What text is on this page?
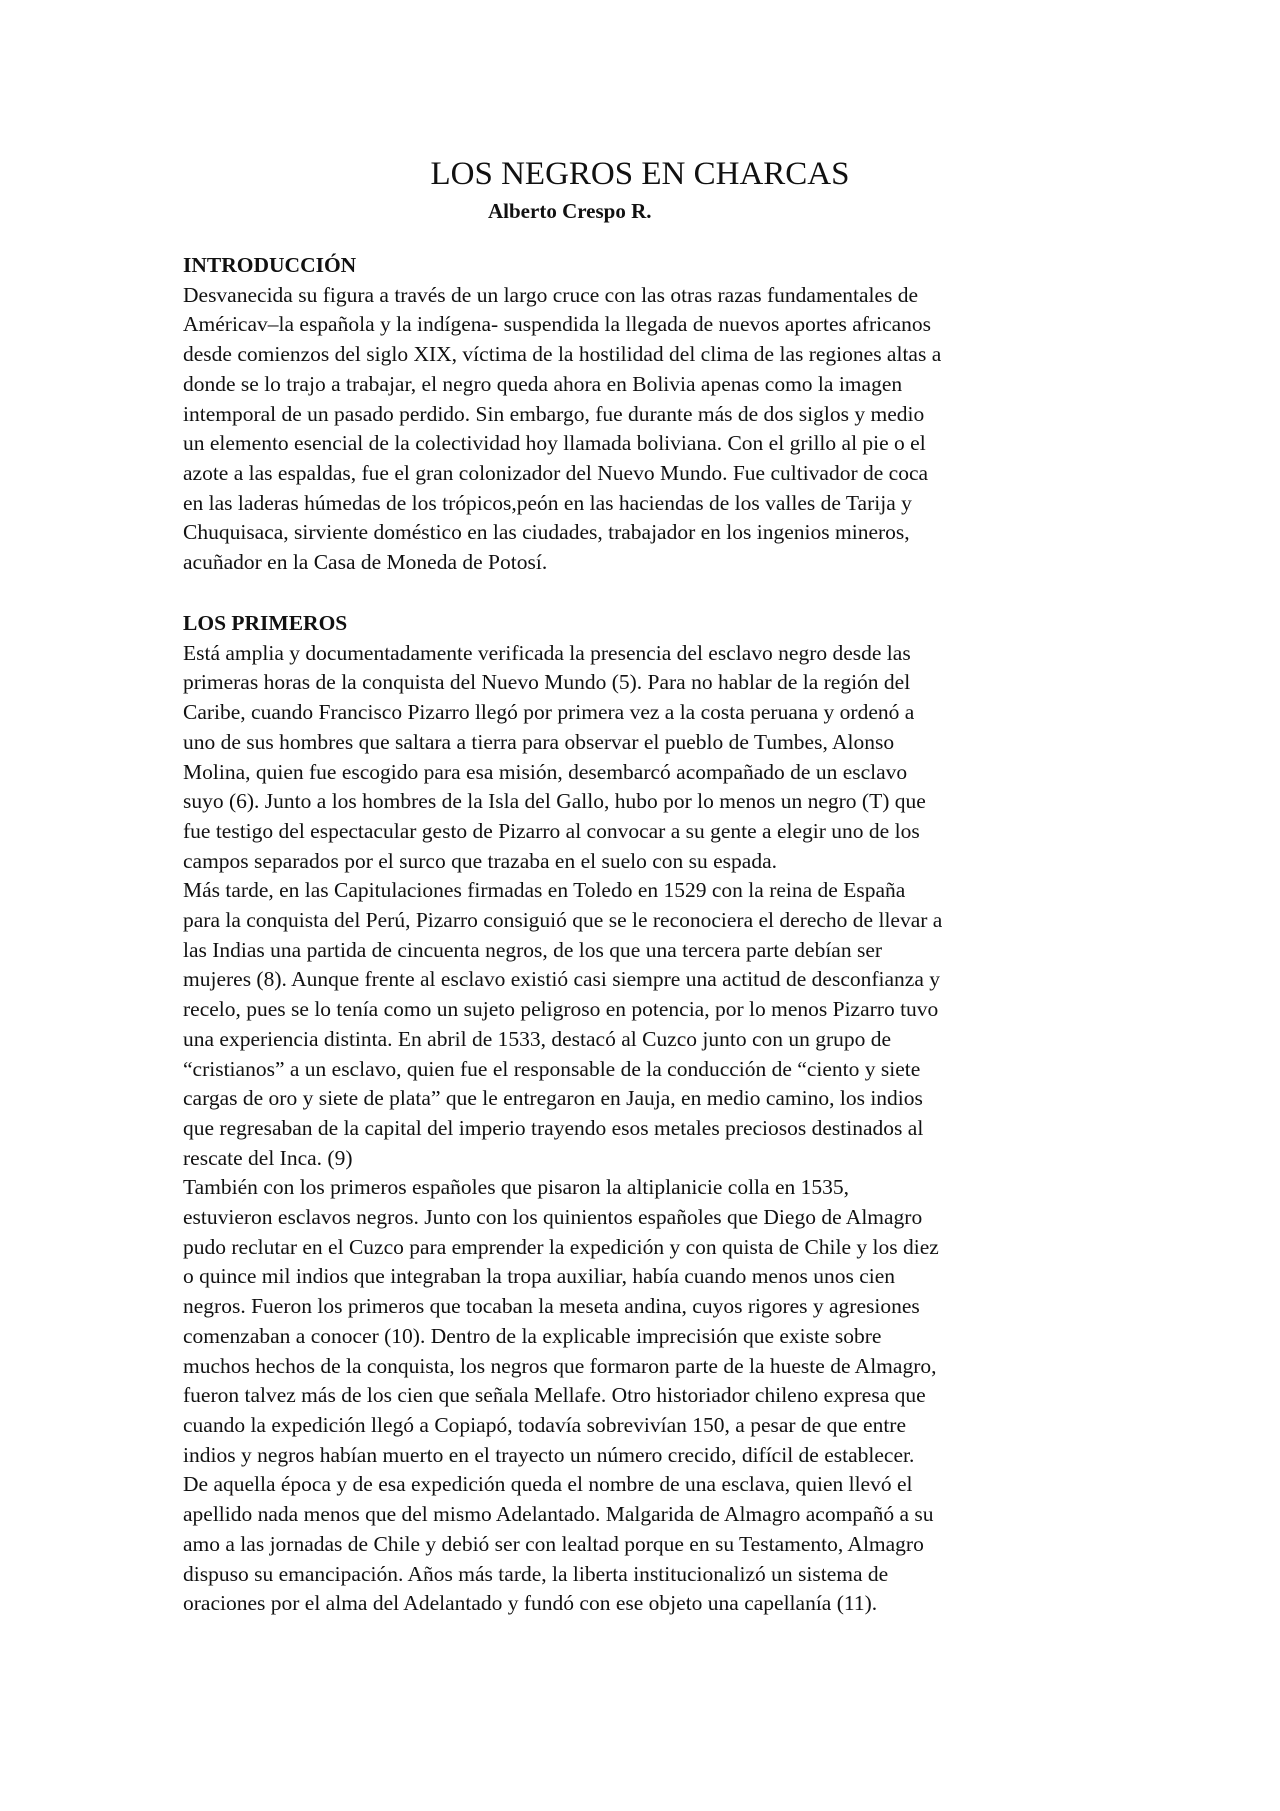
LOS NEGROS EN CHARCAS
Alberto Crespo R.
INTRODUCCIÓN
Desvanecida su figura a través de un largo cruce con las otras razas fundamentales de
Américav–la española y la indígena- suspendida la llegada de nuevos aportes africanos
desde comienzos del siglo XIX, víctima de la hostilidad del clima de las regiones altas a
donde se lo trajo a trabajar, el negro queda ahora en Bolivia apenas como la imagen
intemporal de un pasado perdido. Sin embargo, fue durante más de dos siglos y medio
un elemento esencial de la colectividad hoy llamada boliviana. Con el grillo al pie o el
azote a las espaldas, fue el gran colonizador del Nuevo Mundo. Fue cultivador de coca
en las laderas húmedas de los trópicos,peón en las haciendas de los valles de Tarija y
Chuquisaca, sirviente doméstico en las ciudades, trabajador en los ingenios mineros,
acuñador en la Casa de Moneda de Potosí.
LOS PRIMEROS
Está amplia y documentadamente verificada la presencia del esclavo negro desde las
primeras horas de la conquista del Nuevo Mundo (5). Para no hablar de la región del
Caribe, cuando Francisco Pizarro llegó por primera vez a la costa peruana y ordenó a
uno de sus hombres que saltara a tierra para observar el pueblo de Tumbes, Alonso
Molina, quien fue escogido para esa misión, desembarcó acompañado de un esclavo
suyo (6). Junto a los hombres de la Isla del Gallo, hubo por lo menos un negro (T) que
fue testigo del espectacular gesto de Pizarro al convocar a su gente a elegir uno de los
campos separados por el surco que trazaba en el suelo con su espada.
Más tarde, en las Capitulaciones firmadas en Toledo en 1529 con la reina de España
para la conquista del Perú, Pizarro consiguió que se le reconociera el derecho de llevar a
las Indias una partida de cincuenta negros, de los que una tercera parte debían ser
mujeres (8). Aunque frente al esclavo existió casi siempre una actitud de desconfianza y
recelo, pues se lo tenía como un sujeto peligroso en potencia, por lo menos Pizarro tuvo
una experiencia distinta. En abril de 1533, destacó al Cuzco junto con un grupo de
“cristianos” a un esclavo, quien fue el responsable de la conducción de “ciento y siete
cargas de oro y siete de plata” que le entregaron en Jauja, en medio camino, los indios
que regresaban de la capital del imperio trayendo esos metales preciosos destinados al
rescate del Inca. (9)
También con los primeros españoles que pisaron la altiplanicie colla en 1535,
estuvieron esclavos negros. Junto con los quinientos españoles que Diego de Almagro
pudo reclutar en el Cuzco para emprender la expedición y con quista de Chile y los diez
o quince mil indios que integraban la tropa auxiliar, había cuando menos unos cien
negros. Fueron los primeros que tocaban la meseta andina, cuyos rigores y agresiones
comenzaban a conocer (10). Dentro de la explicable imprecisión que existe sobre
muchos hechos de la conquista, los negros que formaron parte de la hueste de Almagro,
fueron talvez más de los cien que señala Mellafe. Otro historiador chileno expresa que
cuando la expedición llegó a Copiapó, todavía sobrevivían 150, a pesar de que entre
indios y negros habían muerto en el trayecto un número crecido, difícil de establecer.
De aquella época y de esa expedición queda el nombre de una esclava, quien llevó el
apellido nada menos que del mismo Adelantado. Malgarida de Almagro acompañó a su
amo a las jornadas de Chile y debió ser con lealtad porque en su Testamento, Almagro
dispuso su emancipación. Años más tarde, la liberta institucionalizó un sistema de
oraciones por el alma del Adelantado y fundó con ese objeto una capellanía (11).
